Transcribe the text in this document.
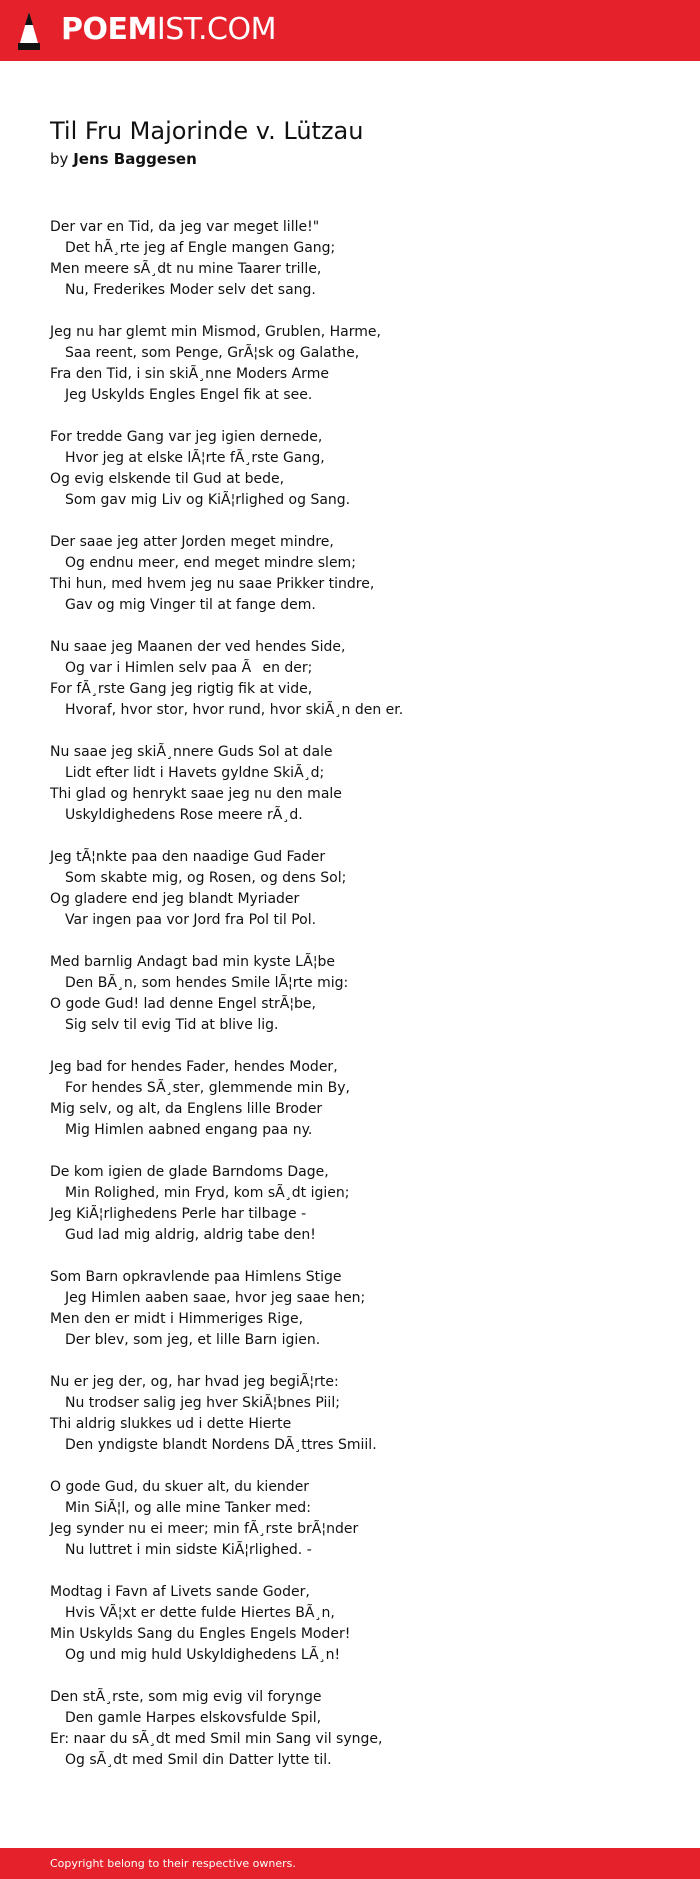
POEMIST.COM
Til Fru Majorinde v. Lützau
by Jens Baggesen
Der var en Tid, da jeg var meget lille!"
Det hÃ¸rte jeg af Engle mangen Gang;
Men meere sÃ¸dt nu mine Taarer trille,
Nu, Frederikes Moder selv det sang.
Jeg nu har glemt min Mismod, Grublen, Harme,
Saa reent, som Penge, GrÃ¦sk og Galathe,
Fra den Tid, i sin skiÃ¸nne Moders Arme
Jeg Uskylds Engles Engel fik at see.
For tredde Gang var jeg igien dernede,
Hvor jeg at elske lÃ¦rte fÃ¸rste Gang,
Og evig elskende til Gud at bede,
Som gav mig Liv og KiÃ¦rlighed og Sang.
Der saae jeg atter Jorden meget mindre,
Og endnu meer, end meget mindre slem;
Thi hun, med hvem jeg nu saae Prikker tindre,
Gav og mig Vinger til at fange dem.
Nu saae jeg Maanen der ved hendes Side,
Og var i Himlen selv paa Ãen der;
For fÃ¸rste Gang jeg rigtig fik at vide,
Hvoraf, hvor stor, hvor rund, hvor skiÃ¸n den er.
Nu saae jeg skiÃ¸nnere Guds Sol at dale
Lidt efter lidt i Havets gyldne SkiÃ¸d;
Thi glad og henrykt saae jeg nu den male
Uskyldighedens Rose meere rÃ¸d.
Jeg tÃ¦nkte paa den naadige Gud Fader
Som skabte mig, og Rosen, og dens Sol;
Og gladere end jeg blandt Myriader
Var ingen paa vor Jord fra Pol til Pol.
Med barnlig Andagt bad min kyste LÃ¦be
Den BÃ¸n, som hendes Smile lÃ¦rte mig:
O gode Gud! lad denne Engel strÃ¦be,
Sig selv til evig Tid at blive lig.
Jeg bad for hendes Fader, hendes Moder,
For hendes SÃ¸ster, glemmende min By,
Mig selv, og alt, da Englens lille Broder
Mig Himlen aabned engang paa ny.
De kom igien de glade Barndoms Dage,
Min Rolighed, min Fryd, kom sÃ¸dt igien;
Jeg KiÃ¦rlighedens Perle har tilbage -
Gud lad mig aldrig, aldrig tabe den!
Som Barn opkravlende paa Himlens Stige
Jeg Himlen aaben saae, hvor jeg saae hen;
Men den er midt i Himmeriges Rige,
Der blev, som jeg, et lille Barn igien.
Nu er jeg der, og, har hvad jeg begiÃ¦rte:
Nu trodser salig jeg hver SkiÃ¦bnes Piil;
Thi aldrig slukkes ud i dette Hierte
Den yndigste blandt Nordens DÃ¸ttres Smiil.
O gode Gud, du skuer alt, du kiender
Min SiÃ¦l, og alle mine Tanker med:
Jeg synder nu ei meer; min fÃ¸rste brÃ¦nder
Nu luttret i min sidste KiÃ¦rlighed. -
Modtag i Favn af Livets sande Goder,
Hvis VÃ¦xt er dette fulde Hiertes BÃ¸n,
Min Uskylds Sang du Engles Engels Moder!
Og und mig huld Uskyldighedens LÃ¸n!
Den stÃ¸rste, som mig evig vil forynge
Den gamle Harpes elskovsfulde Spil,
Er: naar du sÃ¸dt med Smil min Sang vil synge,
Og sÃ¸dt med Smil din Datter lytte til.
Copyright belong to their respective owners.
